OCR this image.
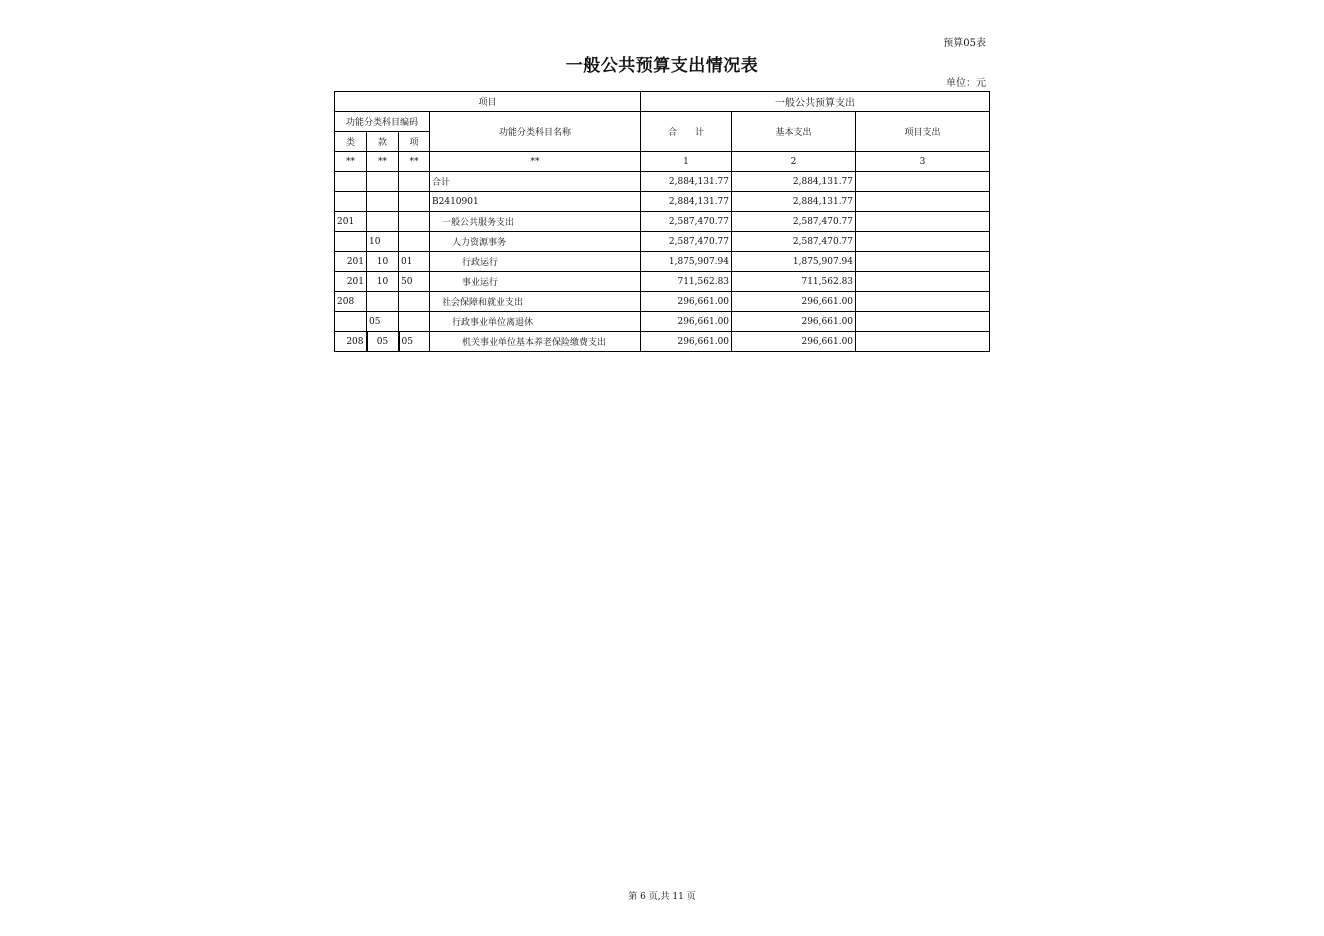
预算05表
一般公共预算支出情况表
单位：元
项目				一般公共预算支出		
功能分类科目编码			功能分类科目名称	合　　计	基本支出	项目支出
类	款	项				
**	**	**	**	1	2	3
			合计	2,884,131.77	2,884,131.77	
			B2410901	2,884,131.77	2,884,131.77	
201			一般公共服务支出	2,587,470.77	2,587,470.77	
	10		人力资源事务	2,587,470.77	2,587,470.77	
201	10	01	行政运行	1,875,907.94	1,875,907.94	
201	10	50	事业运行	711,562.83	711,562.83	
208			社会保障和就业支出	296,661.00	296,661.00	
	05		行政事业单位离退休	296,661.00	296,661.00	
208	05	05	机关事业单位基本养老保险缴费支出	296,661.00	296,661.00	
第 6 页,共 11 页
